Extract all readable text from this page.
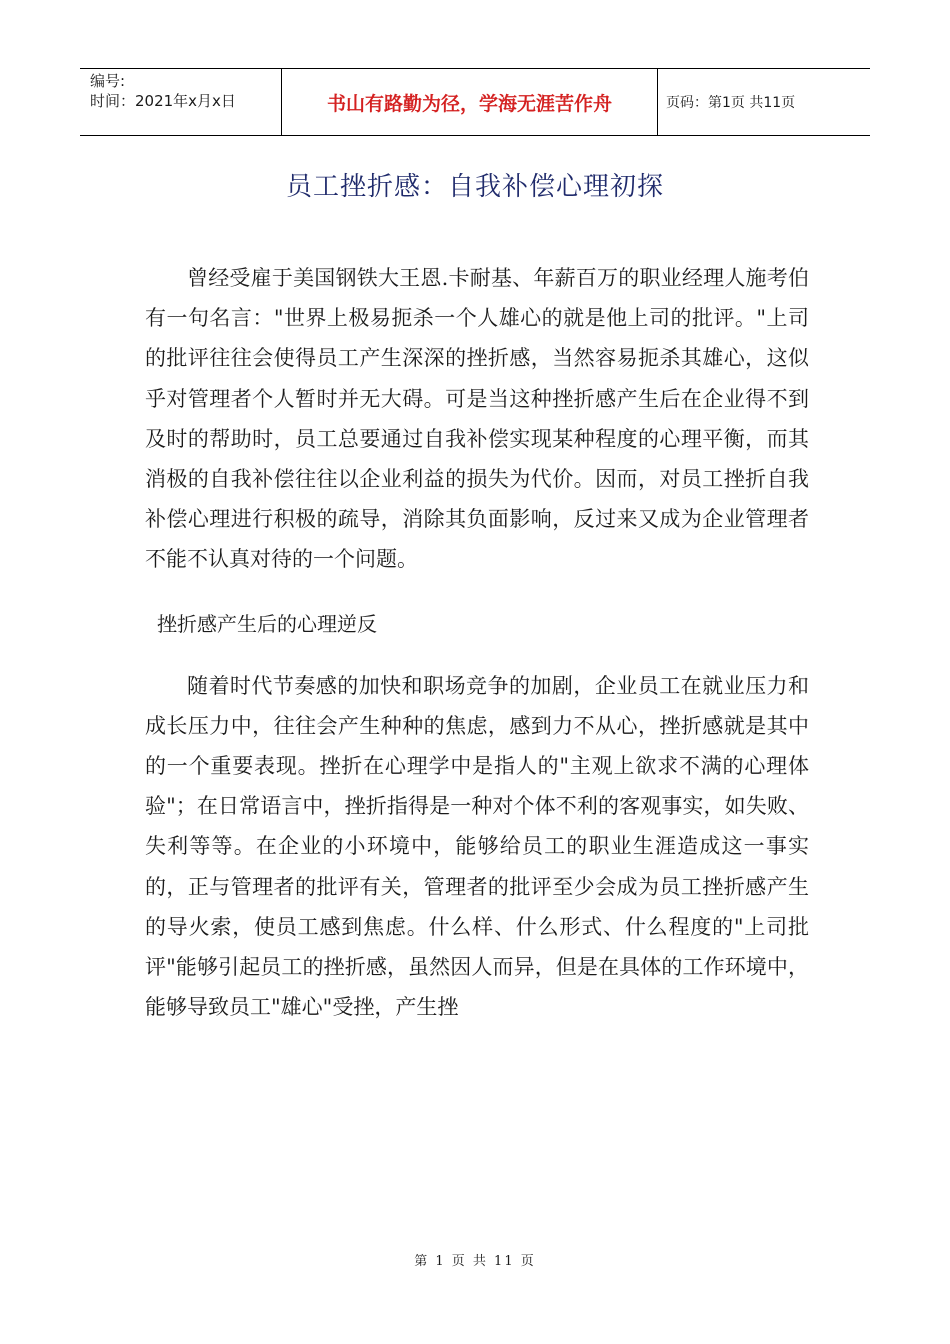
编号:
时间：2021年x月x日	书山有路勤为径，学海无涯苦作舟	页码：第1页 共11页
员工挫折感：自我补偿心理初探

曾经受雇于美国钢铁大王恩.卡耐基、年薪百万的职业经理人施考伯有一句名言："世界上极易扼杀一个人雄心的就是他上司的批评。"上司的批评往往会使得员工产生深深的挫折感，当然容易扼杀其雄心，这似乎对管理者个人暂时并无大碍。可是当这种挫折感产生后在企业得不到及时的帮助时，员工总要通过自我补偿实现某种程度的心理平衡，而其消极的自我补偿往往以企业利益的损失为代价。因而，对员工挫折自我补偿心理进行积极的疏导，消除其负面影响，反过来又成为企业管理者不能不认真对待的一个问题。

挫折感产生后的心理逆反

随着时代节奏感的加快和职场竞争的加剧，企业员工在就业压力和成长压力中，往往会产生种种的焦虑，感到力不从心，挫折感就是其中的一个重要表现。挫折在心理学中是指人的"主观上欲求不满的心理体验"；在日常语言中，挫折指得是一种对个体不利的客观事实，如失败、失利等等。在企业的小环境中，能够给员工的职业生涯造成这一事实的，正与管理者的批评有关，管理者的批评至少会成为员工挫折感产生的导火索，使员工感到焦虑。什么样、什么形式、什么程度的"上司批评"能够引起员工的挫折感，虽然因人而异，但是在具体的工作环境中，能够导致员工"雄心"受挫，产生挫

第 1 页 共 11 页
